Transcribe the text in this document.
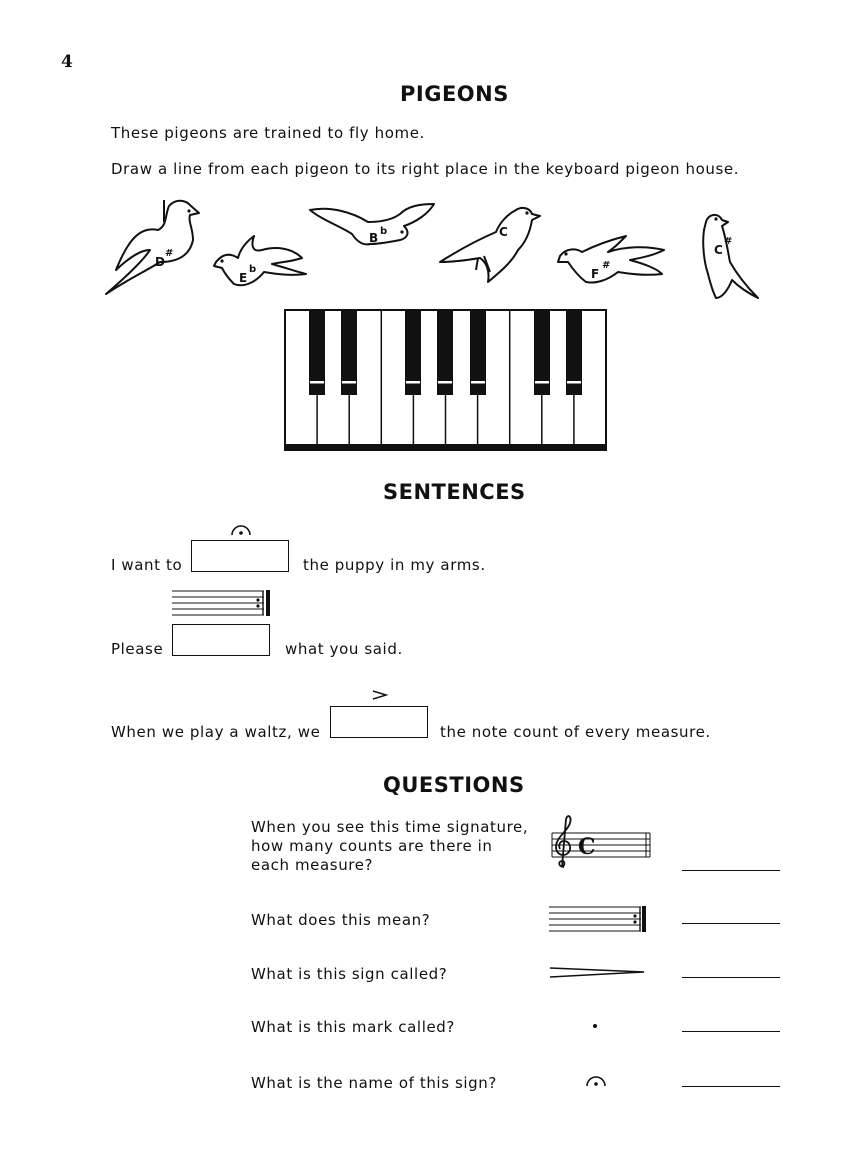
4
PIGEONS
These pigeons are trained to fly home.
Draw a line from each pigeon to its right place in the keyboard pigeon house.
D
#
E
b
B b	C
F
#
C
#
SENTENCES
I want to	the puppy in my arms.
Please	what you said.
When we play a waltz, we	the note count of every measure.
QUESTIONS
When you see this time signature,
how many counts are there in
each measure?
C
What does this mean?
What is this sign called?
What is this mark called?
What is the name of this sign?
